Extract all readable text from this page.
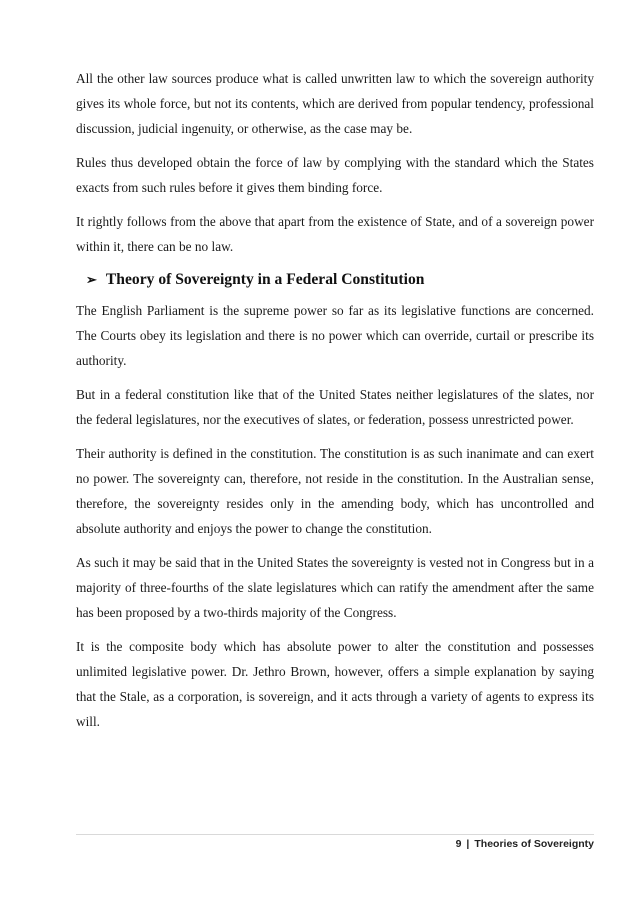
All the other law sources produce what is called unwritten law to which the sovereign authority gives its whole force, but not its contents, which are derived from popular tendency, professional discussion, judicial ingenuity, or otherwise, as the case may be.

Rules thus developed obtain the force of law by complying with the standard which the States exacts from such rules before it gives them binding force.

It rightly follows from the above that apart from the existence of State, and of a sovereign power within it, there can be no law.

➢ Theory of Sovereignty in a Federal Constitution

The English Parliament is the supreme power so far as its legislative functions are concerned. The Courts obey its legislation and there is no power which can override, curtail or prescribe its authority.

But in a federal constitution like that of the United States neither legislatures of the slates, nor the federal legislatures, nor the executives of slates, or federation, possess unrestricted power.

Their authority is defined in the constitution. The constitution is as such inanimate and can exert no power. The sovereignty can, therefore, not reside in the constitution. In the Australian sense, therefore, the sovereignty resides only in the amending body, which has uncontrolled and absolute authority and enjoys the power to change the constitution.

As such it may be said that in the United States the sovereignty is vested not in Congress but in a majority of three-fourths of the slate legislatures which can ratify the amendment after the same has been proposed by a two-thirds majority of the Congress.

It is the composite body which has absolute power to alter the constitution and possesses unlimited legislative power. Dr. Jethro Brown, however, offers a simple explanation by saying that the Stale, as a corporation, is sovereign, and it acts through a variety of agents to express its will.

9 | Theories of Sovereignty
